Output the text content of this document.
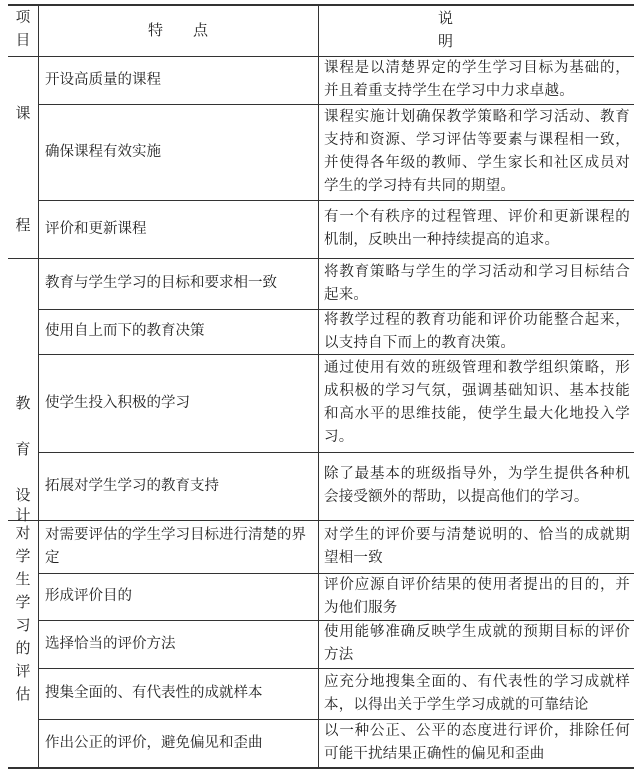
项
目
特点
说明
课
程
开设高质量的课程
课程是以清楚界定的学生学习目标为基础的，并且着重支持学生在学习中力求卓越。
确保课程有效实施
课程实施计划确保教学策略和学习活动、教育支持和资源、学习评估等要素与课程相一致，并使得各年级的教师、学生家长和社区成员对学生的学习持有共同的期望。
评价和更新课程
有一个有秩序的过程管理、评价和更新课程的机制，反映出一种持续提高的追求。
教
育
设
计
教育与学生学习的目标和要求相一致
将教育策略与学生的学习活动和学习目标结合起来。
使用自上而下的教育决策
将教学过程的教育功能和评价功能整合起来，以支持自下而上的教育决策。
使学生投入积极的学习
通过使用有效的班级管理和教学组织策略，形成积极的学习气氛，强调基础知识、基本技能和高水平的思维技能，使学生最大化地投入学习。
拓展对学生学习的教育支持
除了最基本的班级指导外，为学生提供各种机会接受额外的帮助，以提高他们的学习。
对
学
生
学
习
的
评
估
对需要评估的学生学习目标进行清楚的界定
对学生的评价要与清楚说明的、恰当的成就期望相一致
形成评价目的
评价应源自评价结果的使用者提出的目的，并为他们服务
选择恰当的评价方法
使用能够准确反映学生成就的预期目标的评价方法
搜集全面的、有代表性的成就样本
应充分地搜集全面的、有代表性的学习成就样本，以得出关于学生学习成就的可靠结论
作出公正的评价，避免偏见和歪曲
以一种公正、公平的态度进行评价，排除任何可能干扰结果正确性的偏见和歪曲
